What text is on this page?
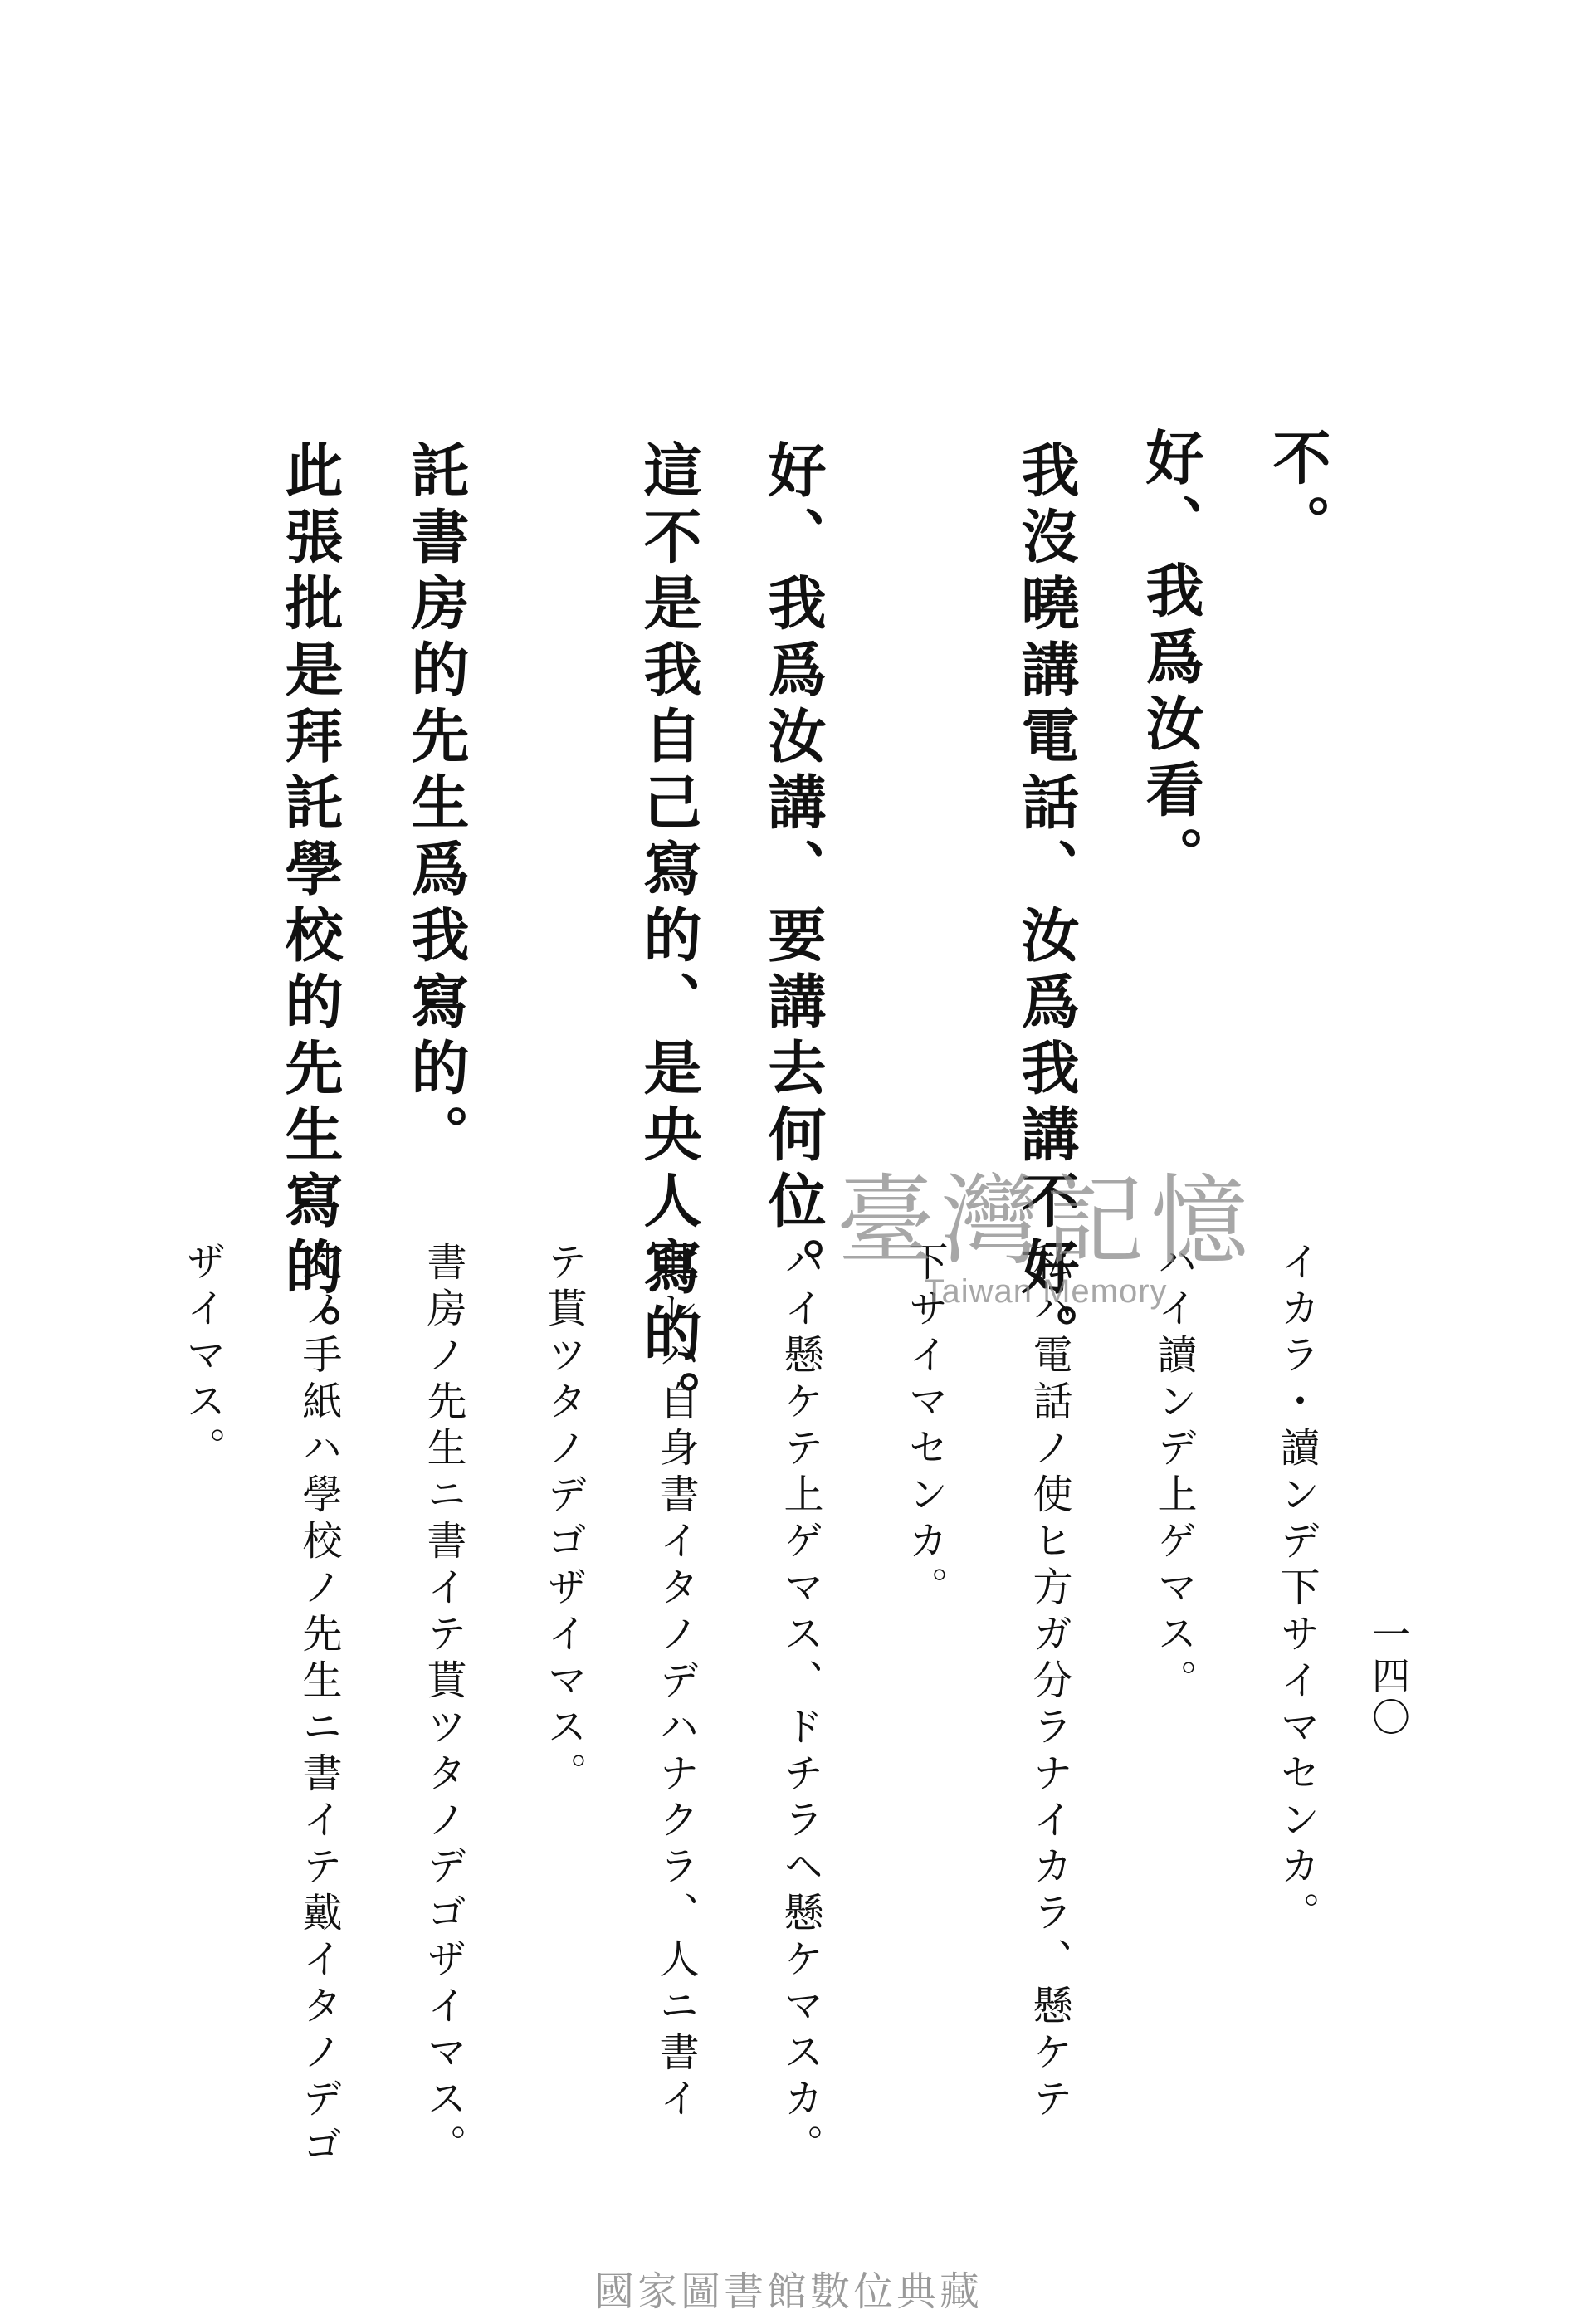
不。
好、我爲汝看。
我沒曉講電話、汝爲我講不好。
好、我爲汝講、要講去何位。
這不是我自己寫的、是央人寫的。
託書房的先生爲我寫的。
此張批是拜託學校的先生寫的。
一四〇
イカラ・讀ンデ下サイマセンカ。
ハイ讀ンデ上ゲマス。
私ハ電話ノ使ヒ方ガ分ラナイカラ、懸ケテ
下サイマセンカ。
ハイ懸ケテ上ゲマス、ドチラヘ懸ケマスカ。
此レハ自身書イタノデハナクラ、人ニ書イ
テ貰ツタノデゴザイマス。
書房ノ先生ニ書イテ貰ツタノデゴザイマス。
此ノ手紙ハ學校ノ先生ニ書イテ戴イタノデゴ
ザイマス。
臺灣記憶
Taiwan Memory
國家圖書館數位典藏
